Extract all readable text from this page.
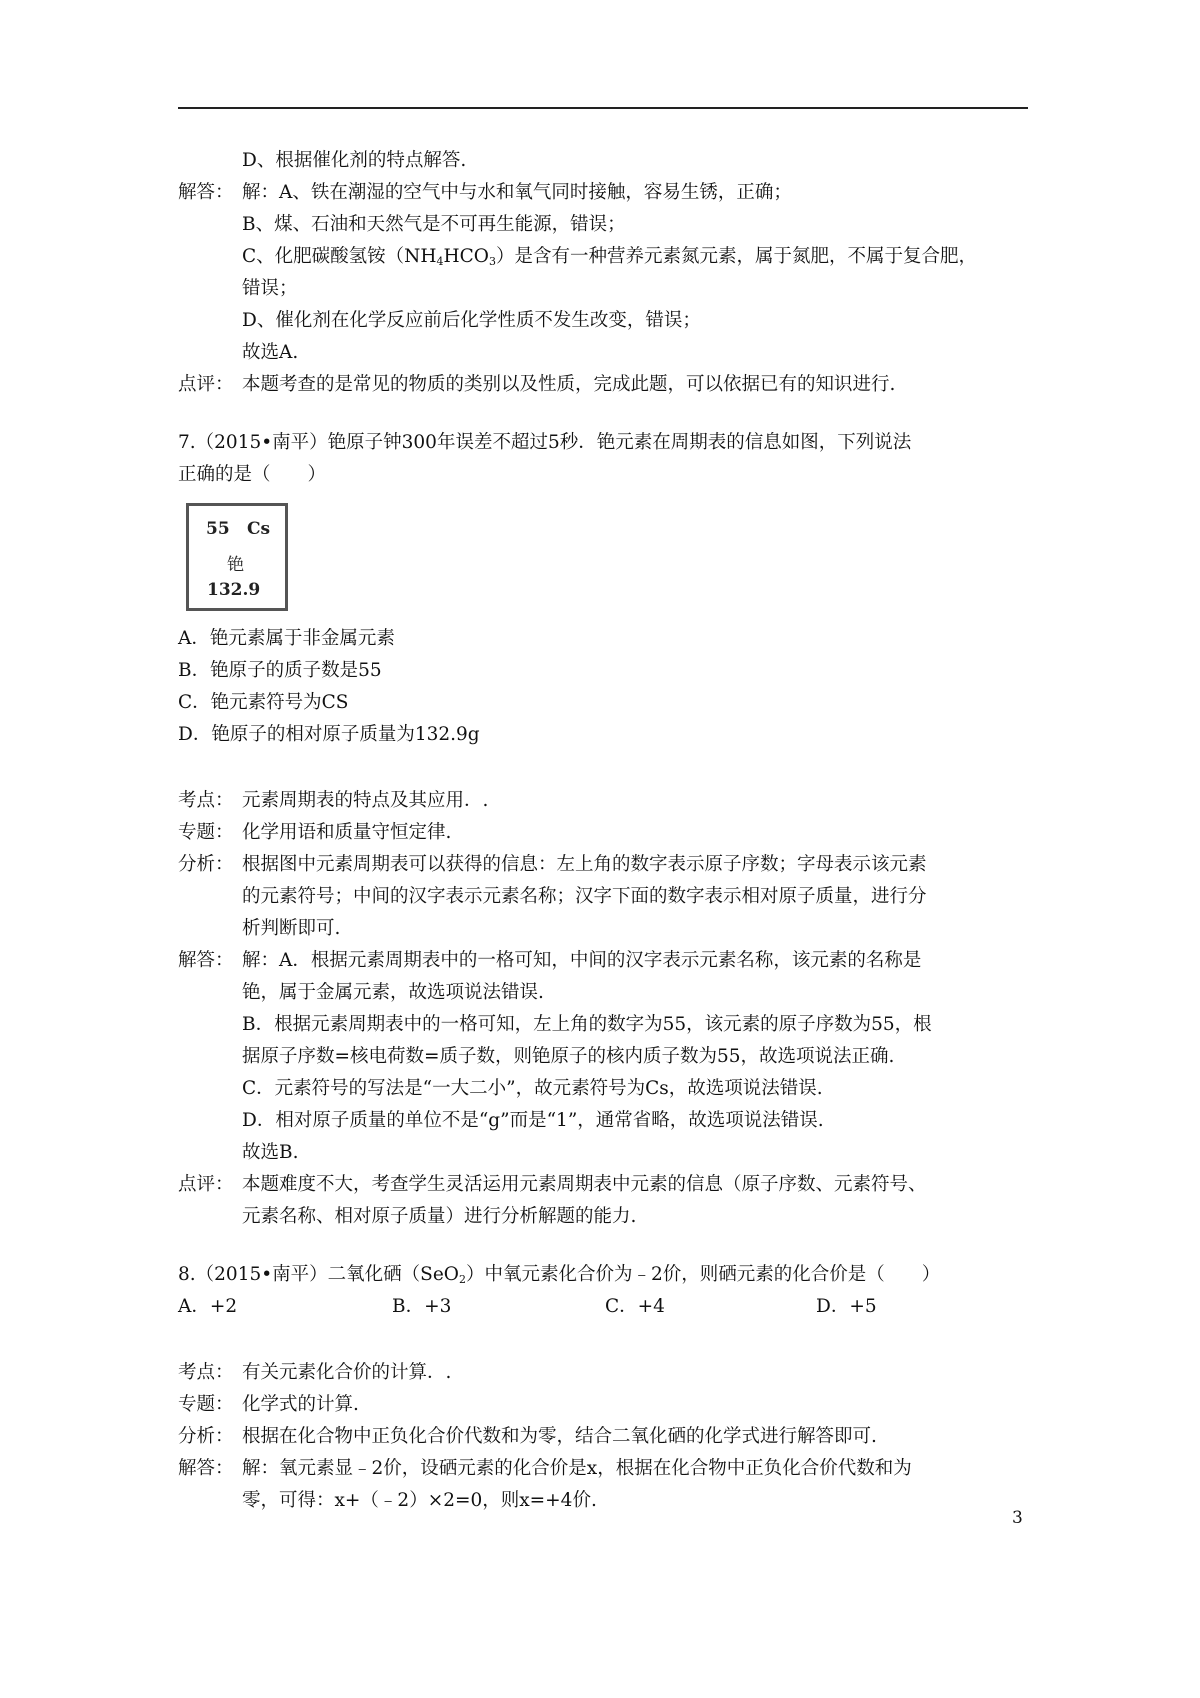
D、根据催化剂的特点解答.
解答： 解：A、铁在潮湿的空气中与水和氧气同时接触，容易生锈，正确；
B、煤、石油和天然气是不可再生能源，错误；
C、化肥碳酸氢铵$(NH_4HCO_3)$是含有一种营养元素氮元素，属于氮肥，不属于复合肥，
错误；
D、催化剂在化学反应前后化学性质不发生改变，错误；
故选A.
点评： 本题考查的是常见的物质的类别以及性质，完成此题，可以依据已有的知识进行.
7.（2015•南平）铯原子钟300年误差不超过5秒．铯元素在周期表的信息如图，下列说法
正确的是（　　）
55 Cs
铯
132.9
A．铯元素属于非金属元素
B．铯原子的质子数是55
C．铯元素符号为CS
D．铯原子的相对原子质量为132.9g
考点： 元素周期表的特点及其应用．.
专题： 化学用语和质量守恒定律.
分析： 根据图中元素周期表可以获得的信息：左上角的数字表示原子序数；字母表示该元素
的元素符号；中间的汉字表示元素名称；汉字下面的数字表示相对原子质量，进行分
析判断即可.
解答： 解：A．根据元素周期表中的一格可知，中间的汉字表示元素名称，该元素的名称是
铯，属于金属元素，故选项说法错误.
B．根据元素周期表中的一格可知，左上角的数字为55，该元素的原子序数为55，根
据原子序数=核电荷数=质子数，则铯原子的核内质子数为55，故选项说法正确.
C．元素符号的写法是“一大二小”，故元素符号为Cs，故选项说法错误.
D．相对原子质量的单位不是“g”而是“1”，通常省略，故选项说法错误.
故选B.
点评： 本题难度不大，考查学生灵活运用元素周期表中元素的信息（原子序数、元素符号、
元素名称、相对原子质量）进行分析解题的能力.
8.（2015•南平）二氧化硒（SeO$_2$）中氧元素化合价为﹣2价，则硒元素的化合价是（　　）
A．+2	B．+3	C．+4	D．+5
考点： 有关元素化合价的计算．.
专题： 化学式的计算.
分析： 根据在化合物中正负化合价代数和为零，结合二氧化硒的化学式进行解答即可.
解答： 解：氧元素显﹣2价，设硒元素的化合价是x，根据在化合物中正负化合价代数和为
零，可得：x+（﹣2）×2=0，则x=+4价.
3
